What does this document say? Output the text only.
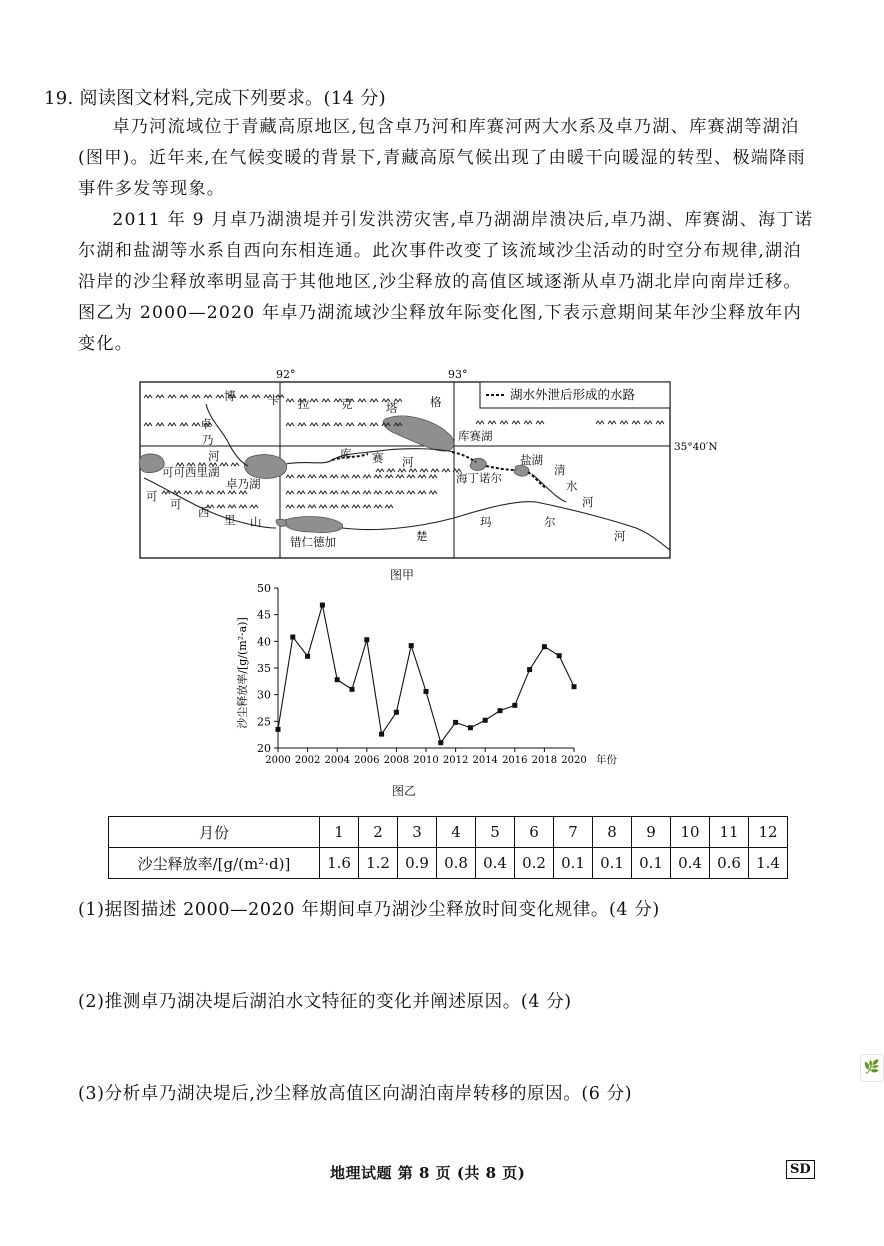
19. 阅读图文材料,完成下列要求。(14 分)
卓乃河流域位于青藏高原地区,包含卓乃河和库赛河两大水系及卓乃湖、库赛湖等湖泊(图甲)。近年来,在气候变暖的背景下,青藏高原气候出现了由暖干向暖湿的转型、极端降雨事件多发等现象。
2011 年 9 月卓乃湖溃堤并引发洪涝灾害,卓乃湖湖岸溃决后,卓乃湖、库赛湖、海丁诺尔湖和盐湖等水系自西向东相连通。此次事件改变了该流域沙尘活动的时空分布规律,湖泊沿岸的沙尘释放率明显高于其他地区,沙尘释放的高值区域逐渐从卓乃湖北岸向南岸迁移。图乙为 2000—2020 年卓乃湖流域沙尘释放年际变化图,下表示意期间某年沙尘释放年内变化。
92°	93°
35°40′N
湖水外泄后形成的水路
博	卡 拉	克	塔	格
卓
乃
河
库赛湖
库 赛 河
可可西里湖
卓乃湖
盐湖
海丁诺尔
清
水
河
可
可
西
里 山
错仁德加	楚
玛	尔
河
图甲
20
25
30
35
40
45
50
2000 2002 2004 2006 2008 2010 2012 2014 2016 2018 2020 年份
沙尘释放率/[g/(m²·a)]
图乙
月份	1	2	3	4	5	6	7	8	9	10	11	12
沙尘释放率/[g/(m²·d)]	1.6	1.2	0.9	0.8	0.4	0.2	0.1	0.1	0.1	0.4	0.6	1.4
(1)据图描述 2000—2020 年期间卓乃湖沙尘释放时间变化规律。(4 分)
(2)推测卓乃湖决堤后湖泊水文特征的变化并阐述原因。(4 分)
(3)分析卓乃湖决堤后,沙尘释放高值区向湖泊南岸转移的原因。(6 分)
🌿
地理试题 第 8 页 (共 8 页)	SD
